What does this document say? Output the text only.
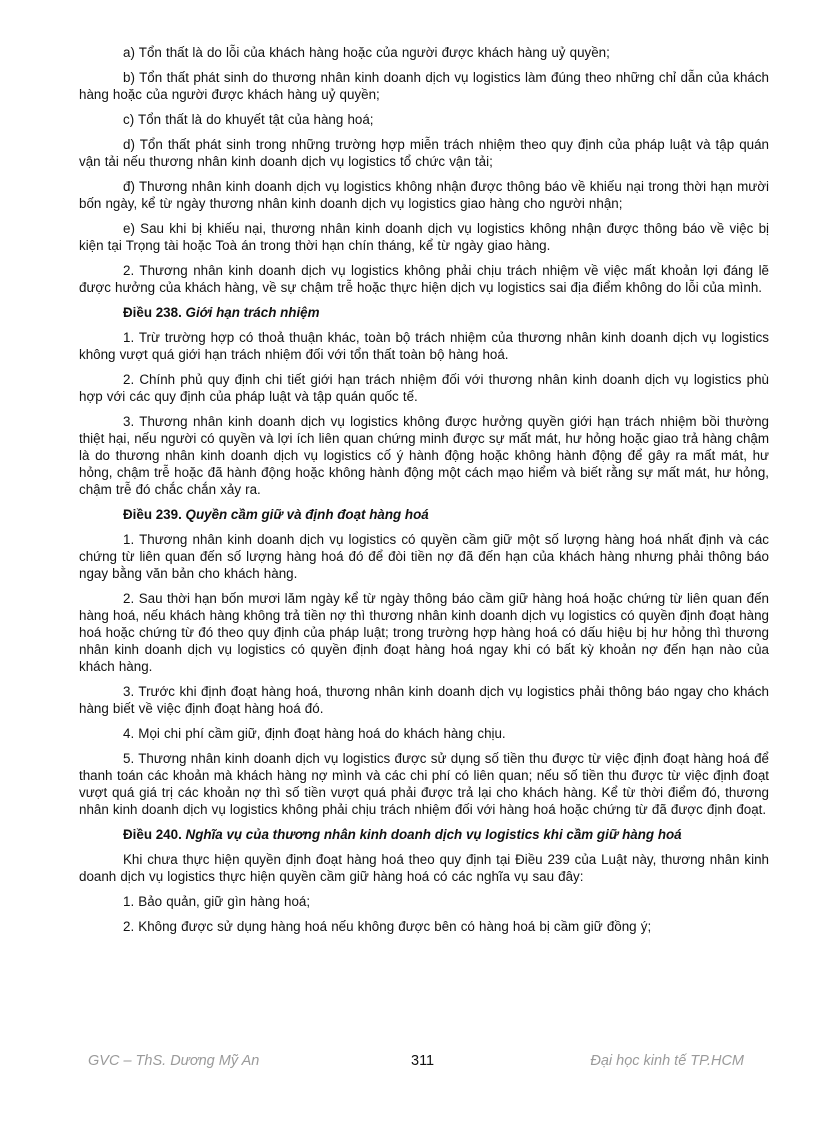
a) Tổn thất là do lỗi của khách hàng hoặc của người được khách hàng uỷ quyền;

b) Tổn thất phát sinh do thương nhân kinh doanh dịch vụ logistics làm đúng theo những chỉ dẫn của khách hàng hoặc của người được khách hàng uỷ quyền;

c) Tổn thất là do khuyết tật của hàng hoá;

d) Tổn thất phát sinh trong những trường hợp miễn trách nhiệm theo quy định của pháp luật và tập quán vận tải nếu thương nhân kinh doanh dịch vụ logistics tổ chức vận tải;

đ) Thương nhân kinh doanh dịch vụ logistics không nhận được thông báo về khiếu nại trong thời hạn mười bốn ngày, kể từ ngày thương nhân kinh doanh dịch vụ logistics giao hàng cho người nhận;

e) Sau khi bị khiếu nại, thương nhân kinh doanh dịch vụ logistics không nhận được thông báo về việc bị kiện tại Trọng tài hoặc Toà án trong thời hạn chín tháng, kể từ ngày giao hàng.

2. Thương nhân kinh doanh dịch vụ logistics không phải chịu trách nhiệm về việc mất khoản lợi đáng lẽ được hưởng của khách hàng, về sự chậm trễ hoặc thực hiện dịch vụ logistics sai địa điểm không do lỗi của mình.

Điều 238. Giới hạn trách nhiệm

1. Trừ trường hợp có thoả thuận khác, toàn bộ trách nhiệm của thương nhân kinh doanh dịch vụ logistics không vượt quá giới hạn trách nhiệm đối với tổn thất toàn bộ hàng hoá.

2. Chính phủ quy định chi tiết giới hạn trách nhiệm đối với thương nhân kinh doanh dịch vụ logistics phù hợp với các quy định của pháp luật và tập quán quốc tế.

3. Thương nhân kinh doanh dịch vụ logistics không được hưởng quyền giới hạn trách nhiệm bồi thường thiệt hại, nếu người có quyền và lợi ích liên quan chứng minh được sự mất mát, hư hỏng hoặc giao trả hàng chậm là do thương nhân kinh doanh dịch vụ logistics cố ý hành động hoặc không hành động để gây ra mất mát, hư hỏng, chậm trễ hoặc đã hành động hoặc không hành động một cách mạo hiểm và biết rằng sự mất mát, hư hỏng, chậm trễ đó chắc chắn xảy ra.

Điều 239. Quyền cầm giữ và định đoạt hàng hoá

1. Thương nhân kinh doanh dịch vụ logistics có quyền cầm giữ một số lượng hàng hoá nhất định và các chứng từ liên quan đến số lượng hàng hoá đó để đòi tiền nợ đã đến hạn của khách hàng nhưng phải thông báo ngay bằng văn bản cho khách hàng.

2. Sau thời hạn bốn mươi lăm ngày kể từ ngày thông báo cầm giữ hàng hoá hoặc chứng từ liên quan đến hàng hoá, nếu khách hàng không trả tiền nợ thì thương nhân kinh doanh dịch vụ logistics có quyền định đoạt hàng hoá hoặc chứng từ đó theo quy định của pháp luật; trong trường hợp hàng hoá có dấu hiệu bị hư hỏng thì thương nhân kinh doanh dịch vụ logistics có quyền định đoạt hàng hoá ngay khi có bất kỳ khoản nợ đến hạn nào của khách hàng.

3. Trước khi định đoạt hàng hoá, thương nhân kinh doanh dịch vụ logistics phải thông báo ngay cho khách hàng biết về việc định đoạt hàng hoá đó.

4. Mọi chi phí cầm giữ, định đoạt hàng hoá do khách hàng chịu.

5. Thương nhân kinh doanh dịch vụ logistics được sử dụng số tiền thu được từ việc định đoạt hàng hoá để thanh toán các khoản mà khách hàng nợ mình và các chi phí có liên quan; nếu số tiền thu được từ việc định đoạt vượt quá giá trị các khoản nợ thì số tiền vượt quá phải được trả lại cho khách hàng. Kể từ thời điểm đó, thương nhân kinh doanh dịch vụ logistics không phải chịu trách nhiệm đối với hàng hoá hoặc chứng từ đã được định đoạt.

Điều 240. Nghĩa vụ của thương nhân kinh doanh dịch vụ logistics khi cầm giữ hàng hoá

Khi chưa thực hiện quyền định đoạt hàng hoá theo quy định tại Điều 239 của Luật này, thương nhân kinh doanh dịch vụ logistics thực hiện quyền cầm giữ hàng hoá có các nghĩa vụ sau đây:

1. Bảo quản, giữ gìn hàng hoá;

2. Không được sử dụng hàng hoá nếu không được bên có hàng hoá bị cầm giữ đồng ý;

GVC – ThS. Dương Mỹ An	311	Đại học kinh tế TP.HCM
